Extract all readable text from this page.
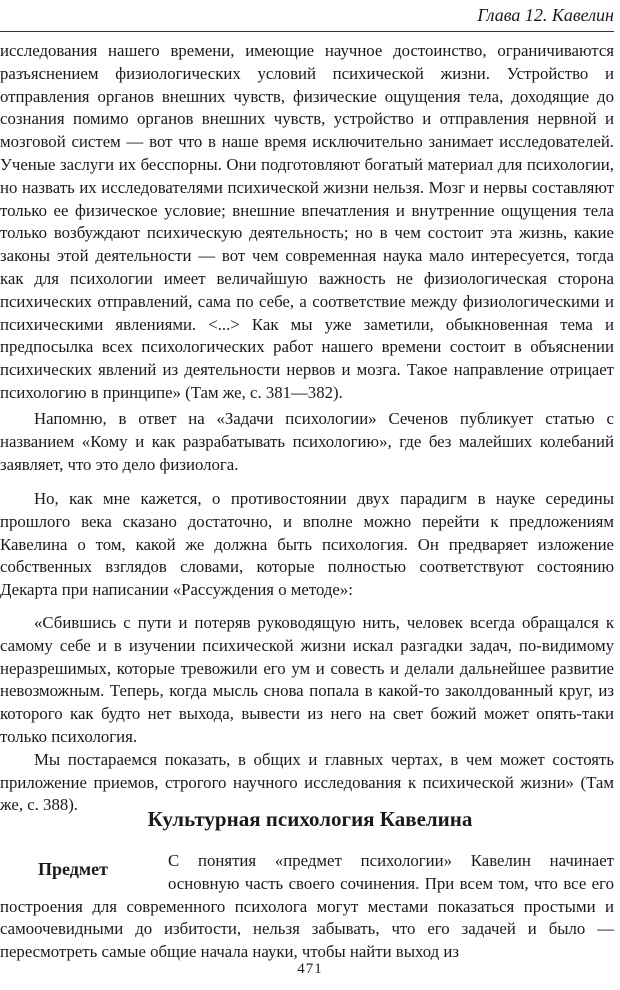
Глава 12. Кавелин

исследования нашего времени, имеющие научное достоинство, ограничиваются разъяснением физиологических условий психической жизни. Устройство и отправления органов внешних чувств, физические ощущения тела, доходящие до сознания помимо органов внешних чувств, устройство и отправления нервной и мозговой систем — вот что в наше время исключительно занимает исследователей. Ученые заслуги их бесспорны. Они подготовляют богатый материал для психологии, но назвать их исследователями психической жизни нельзя. Мозг и нервы составляют только ее физическое условие; внешние впечатления и внутренние ощущения тела только возбуждают психическую деятельность; но в чем состоит эта жизнь, какие законы этой деятельности — вот чем современная наука мало интересуется, тогда как для психологии имеет величайшую важность не физиологическая сторона психических отправлений, сама по себе, а соответствие между физиологическими и психическими явлениями. <...> Как мы уже заметили, обыкновенная тема и предпосылка всех психологических работ нашего времени состоит в объяснении психических явлений из деятельности нервов и мозга. Такое направление отрицает психологию в принципе» (Там же, с. 381—382).

Напомню, в ответ на «Задачи психологии» Сеченов публикует статью с названием «Кому и как разрабатывать психологию», где без малейших колебаний заявляет, что это дело физиолога.

Но, как мне кажется, о противостоянии двух парадигм в науке середины прошлого века сказано достаточно, и вполне можно перейти к предложениям Кавелина о том, какой же должна быть психология. Он предваряет изложение собственных взглядов словами, которые полностью соответствуют состоянию Декарта при написании «Рассуждения о методе»:

«Сбившись с пути и потеряв руководящую нить, человек всегда обращался к самому себе и в изучении психической жизни искал разгадки задач, по-видимому неразрешимых, которые тревожили его ум и совесть и делали дальнейшее развитие невозможным. Теперь, когда мысль снова попала в какой-то заколдованный круг, из которого как будто нет выхода, вывести из него на свет божий может опять-таки только психология.

Мы постараемся показать, в общих и главных чертах, в чем может состоять приложение приемов, строгого научного исследования к психической жизни» (Там же, с. 388).

Культурная психология Кавелина
Предмет	С понятия «предмет психологии» Кавелин начинает основную часть своего сочинения. При всем том, что все его построения для современного психолога могут местами показаться простыми и самоочевидными до избитости, нельзя забывать, что его задачей и было — пересмотреть самые общие начала науки, чтобы найти выход из

471
